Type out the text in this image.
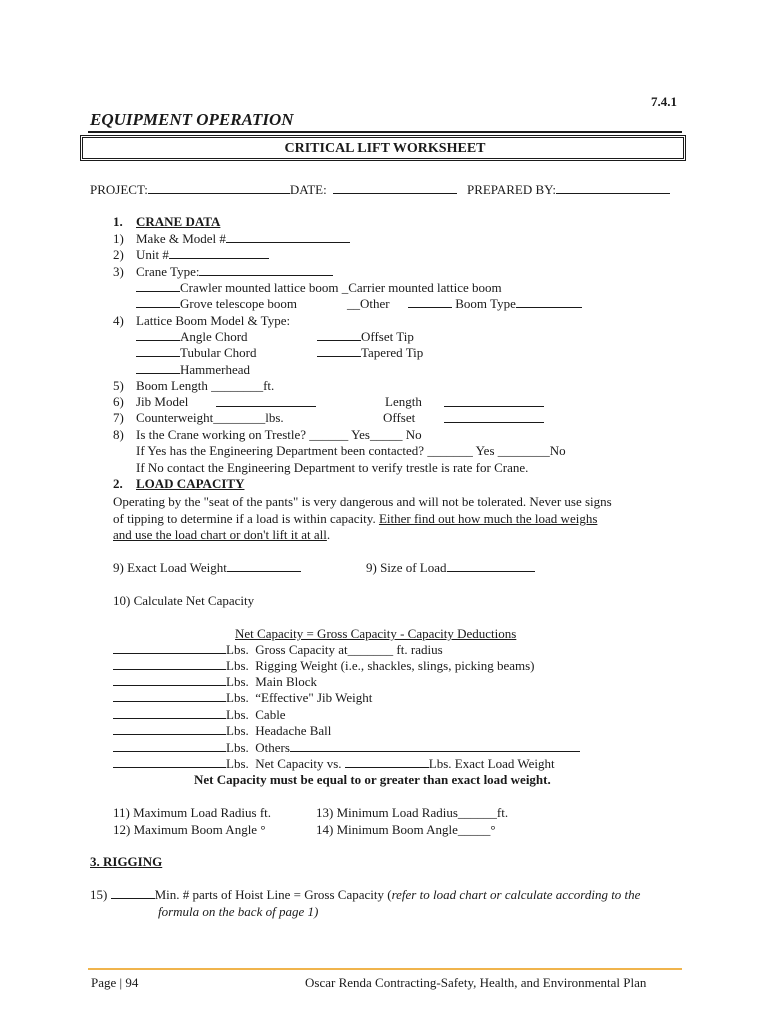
7.4.1
EQUIPMENT OPERATION
CRITICAL LIFT WORKSHEET
PROJECT:	DATE:	PREPARED BY:
1. CRANE DATA
1) Make & Model #
2) Unit #
3) Crane Type:
Crawler mounted lattice boom _Carrier mounted lattice boom
Grove telescope boom	__Other	Boom Type
4) Lattice Boom Model & Type:
Angle Chord	Offset Tip
Tubular Chord	Tapered Tip
Hammerhead
5) Boom Length ________ft.
6) Jib Model	Length
7) Counterweight________lbs.	Offset
8) Is the Crane working on Trestle? ______ Yes_____ No
If Yes has the Engineering Department been contacted? _______ Yes ________No
If No contact the Engineering Department to verify trestle is rate for Crane.
2. LOAD CAPACITY
Operating by the "seat of the pants" is very dangerous and will not be tolerated. Never use signs
of tipping to determine if a load is within capacity. Either find out how much the load weighs
and use the load chart or don't lift it at all.
9) Exact Load Weight	9) Size of Load
10) Calculate Net Capacity
Net Capacity = Gross Capacity - Capacity Deductions
Lbs. Gross Capacity at_______ ft. radius
Lbs. Rigging Weight (i.e., shackles, slings, picking beams)
Lbs. Main Block
Lbs. “Effective" Jib Weight
Lbs. Cable
Lbs. Headache Ball
Lbs. Others
Lbs. Net Capacity vs.	Lbs. Exact Load Weight
Net Capacity must be equal to or greater than exact load weight.
11) Maximum Load Radius ft.	13) Minimum Load Radius______ft.
12) Maximum Boom Angle °	14) Minimum Boom Angle_____°
3. RIGGING
15)	Min. # parts of Hoist Line = Gross Capacity (refer to load chart or calculate according to the
formula on the back of page 1)
Page | 94	Oscar Renda Contracting-Safety, Health, and Environmental Plan
